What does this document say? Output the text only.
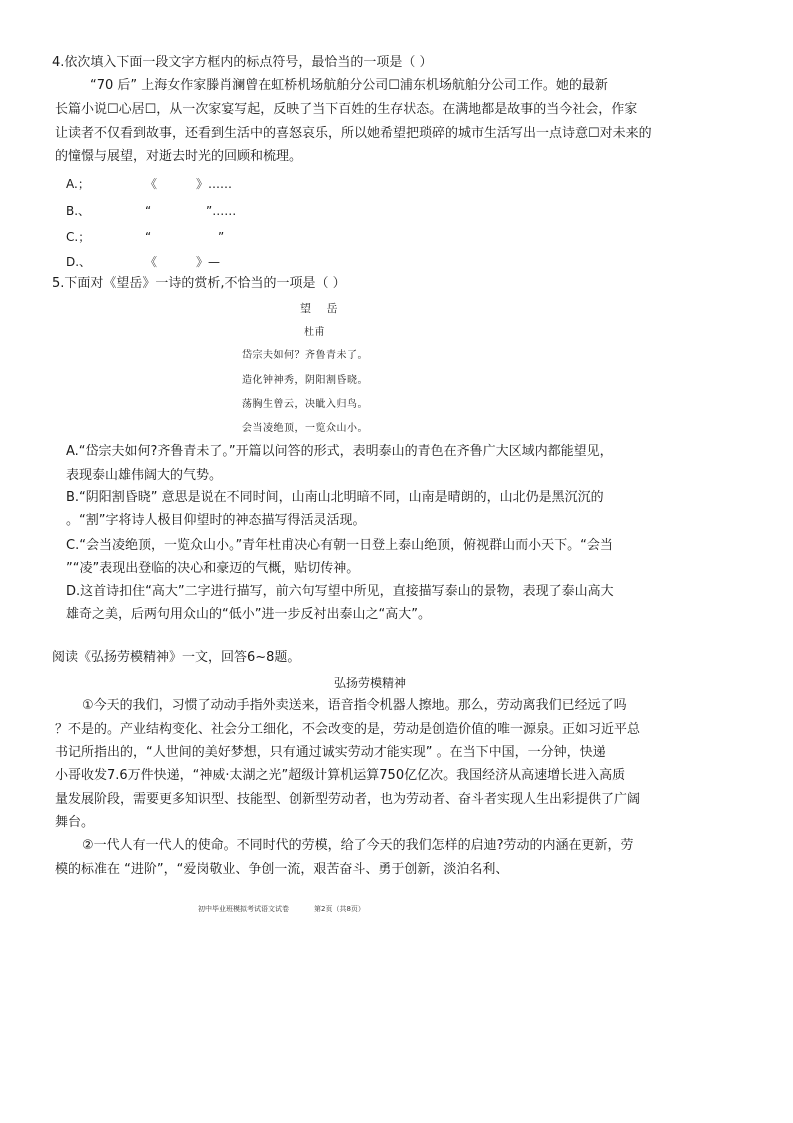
4.依次填入下面一段文字方框内的标点符号，最恰当的一项是（ ）
“70 后” 上海女作家滕肖澜曾在虹桥机场航舶分公司☐浦东机场航舶分公司工作。她的最新
长篇小说☐心居☐，从一次家宴写起，反映了当下百姓的生存状态。在满地都是故事的当今社会，作家
让读者不仅看到故事，还看到生活中的喜怒哀乐，所以她希望把琐碎的城市生活写出一点诗意☐对未来的
的憧憬与展望，对逝去时光的回顾和梳理。
A.；	《	》……
B.、	“	”……
C.；	“	”
D.、	《	》—
5.下面对《望岳》一诗的赏析,不恰当的一项是（ ）
望 岳
杜甫
岱宗夫如何？齐鲁青未了。
造化钟神秀，阴阳割昏晓。
荡胸生曾云，决眦入归鸟。
会当凌绝顶，一览众山小。
A.“岱宗夫如何?齐鲁青未了。”开篇以问答的形式，表明泰山的青色在齐鲁广大区域内都能望见，
表现泰山雄伟阔大的气势。
B.“阴阳割昏晓” 意思是说在不同时间，山南山北明暗不同，山南是晴朗的，山北仍是黑沉沉的
。“割”字将诗人极目仰望时的神态描写得活灵活现。
C.“会当凌绝顶，一览众山小。”青年杜甫决心有朝一日登上泰山绝顶，俯视群山而小天下。“会当
”“凌”表现出登临的决心和豪迈的气概，贴切传神。
D.这首诗扣住“高大”二字进行描写，前六句写望中所见，直接描写泰山的景物，表现了泰山高大
雄奇之美，后两句用众山的“低小”进一步反衬出泰山之“高大”。
阅读《弘扬劳模精神》一文，回答6~8题。
弘扬劳模精神
①今天的我们，习惯了动动手指外卖送来，语音指令机器人擦地。那么，劳动离我们已经远了吗
？不是的。产业结构变化、社会分工细化，不会改变的是，劳动是创造价值的唯一源泉。正如习近平总
书记所指出的，“人世间的美好梦想，只有通过诚实劳动才能实现” 。在当下中国，一分钟，快递
小哥收发7.6万件快递，“神威·太湖之光”超级计算机运算750亿亿次。我国经济从高速增长进入高质
量发展阶段，需要更多知识型、技能型、创新型劳动者，也为劳动者、奋斗者实现人生出彩提供了广阔
舞台。
②一代人有一代人的使命。不同时代的劳模，给了今天的我们怎样的启迪?劳动的内涵在更新，劳
模的标准在 “进阶”，“爱岗敬业、争创一流，艰苦奋斗、勇于创新，淡泊名利、
初中毕业班模拟考试语文试卷	第2页（共8页）
